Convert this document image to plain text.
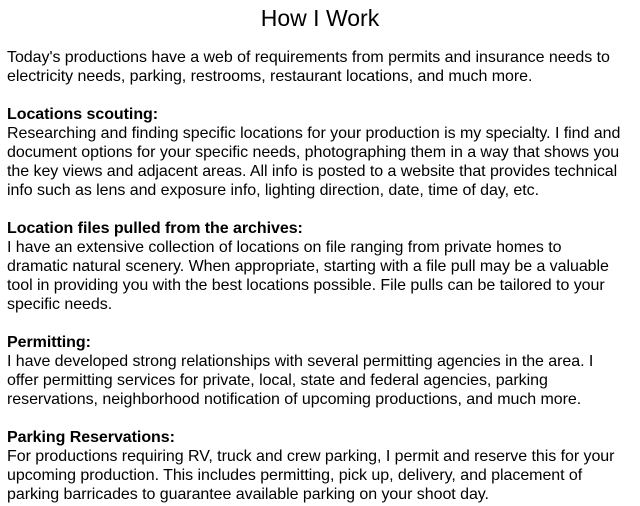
How I Work

Today's productions have a web of requirements from permits and insurance needs to
electricity needs, parking, restrooms, restaurant locations, and much more.

Locations scouting:
Researching and finding specific locations for your production is my specialty. I find and
document options for your specific needs, photographing them in a way that shows you
the key views and adjacent areas. All info is posted to a website that provides technical
info such as lens and exposure info, lighting direction, date, time of day, etc.
Location files pulled from the archives:
I have an extensive collection of locations on file ranging from private homes to
dramatic natural scenery. When appropriate, starting with a file pull may be a valuable
tool in providing you with the best locations possible. File pulls can be tailored to your
specific needs.
Permitting:
I have developed strong relationships with several permitting agencies in the area. I
offer permitting services for private, local, state and federal agencies, parking
reservations, neighborhood notification of upcoming productions, and much more.
Parking Reservations:
For productions requiring RV, truck and crew parking, I permit and reserve this for your
upcoming production. This includes permitting, pick up, delivery, and placement of
parking barricades to guarantee available parking on your shoot day.
